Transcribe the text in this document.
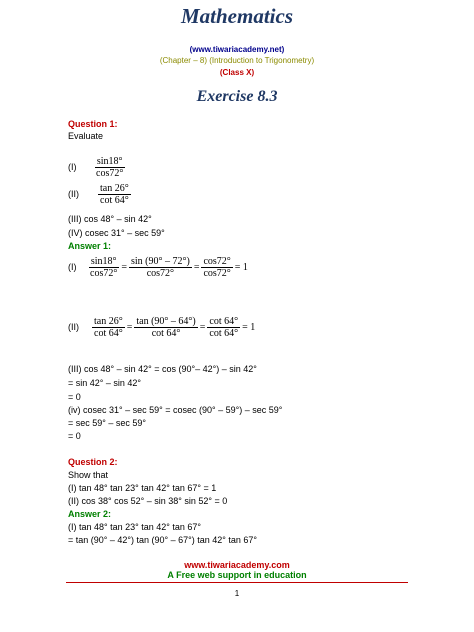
Mathematics
(www.tiwariacademy.net)
(Chapter – 8) (Introduction to Trigonometry)
(Class X)
Exercise 8.3
Question 1:
Evaluate
(I)	$\frac{\sin 18^\circ}{\cos 72^\circ}$
(II)	$\frac{\tan 26^\circ}{\cot 64^\circ}$
(III) cos 48° – sin 42°
(IV) cosec 31° – sec 59°
Answer 1:
(I)	$\frac{\sin 18^\circ}{\cos 72^\circ} = \frac{\sin (90^\circ - 72^\circ)}{\cos 72^\circ} = \frac{\cos 72^\circ}{\cos 72^\circ} = 1$
(II)	$\frac{\tan 26^\circ}{\cot 64^\circ} = \frac{\tan (90^\circ - 64^\circ)}{\cot 64^\circ} = \frac{\cot 64^\circ}{\cot 64^\circ} = 1$
(III) cos 48° – sin 42° = cos (90°– 42°) – sin 42°
= sin 42° – sin 42°
= 0
(iv) cosec 31° – sec 59° = cosec (90° – 59°) – sec 59°
= sec 59° – sec 59°
= 0
Question 2:
Show that
(I) tan 48° tan 23° tan 42° tan 67° = 1
(II) cos 38° cos 52° – sin 38° sin 52° = 0
Answer 2:
(I) tan 48° tan 23° tan 42° tan 67°
= tan (90° – 42°) tan (90° – 67°) tan 42° tan 67°
www.tiwariacademy.com
A Free web support in education
1
